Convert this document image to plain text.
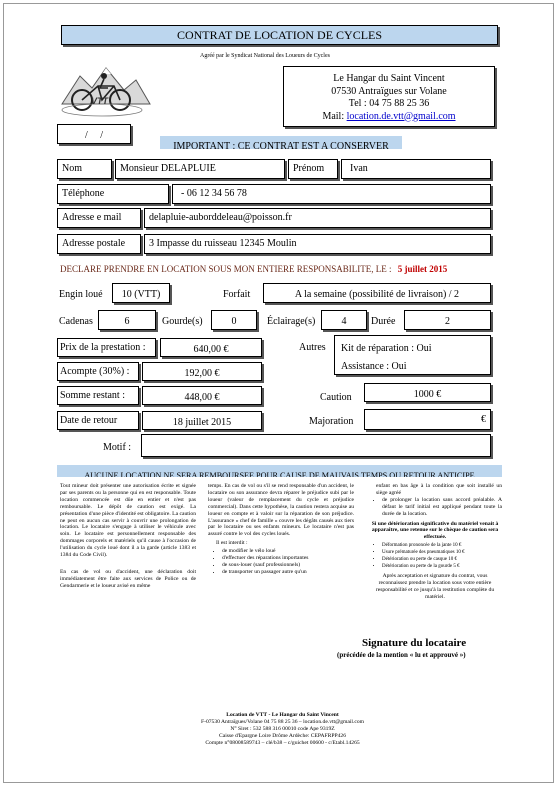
CONTRAT DE LOCATION DE CYCLES
Agréé par le Syndicat National des Loueurs de Cycles
VTT
Le Hangar du Saint Vincent
07530 Antraïgues sur Volane
Tel : 04 75 88 25 36
Mail: location.de.vtt@gmail.com
/     /
IMPORTANT : CE CONTRAT EST A CONSERVER
Nom	Monsieur DELAPLUIE	Prénom	Ivan
Téléphone	- 06 12 34 56 78
Adresse e mail	delapluie-auborddeleau@poisson.fr
Adresse postale 3 Impasse du ruisseau 12345 Moulin
DECLARE PRENDRE EN LOCATION SOUS MON ENTIERE RESPONSABILITE, LE : 5 juillet 2015
Engin loué	10 (VTT)	Forfait	A la semaine (possibilité de livraison) / 2
Cadenas	6	Gourde(s)	0	Éclairage(s)	4	Durée	2
Prix de la prestation :	640,00 €	Autres Kit de réparation : Oui
Assistance : Oui
Acompte (30%) :	192,00 €
Somme restant :	448,00 €	Caution	1000 €
Date de retour	18 juillet 2015	Majoration	€
Motif :
AUCUNE LOCATION NE SERA REMBOURSEE POUR CAUSE DE MAUVAIS TEMPS OU RETOUR ANTICIPE

Tout mineur doit présenter une autorisation écrite et signée par ses parents ou la personne qui en est responsable. Toute location commencée est dûe en entier et n'est pas remboursable. Le dépôt de caution est exigé. La présentation d'une pièce d'identité est obligatoire. La caution ne peut en aucun cas servir à couvrir une prolongation de location. Le locataire s'engage à utiliser le véhicule avec soin. Le locataire est personnellement responsable des dommages corporels et matériels qu'il cause à l'occasion de l'utilisation du cycle loué dont il a la garde (article 1383 et 1384 du Code Civil).

En cas de vol ou d'accident, une déclaration doit immédiatement être faite aux services de Police ou de Gendarmerie et le loueur avisé en même

temps. En cas de vol ou s'il se rend responsable d'un accident, le locataire ou son assurance devra réparer le préjudice subi par le loueur (valeur de remplacement du cycle et préjudice commercial). Dans cette hypothèse, la caution restera acquise au loueur en compte et à valoir sur la réparation de son préjudice. L'assurance « chef de famille » couvre les dégâts causés aux tiers par le locataire ou ses enfants mineurs. Le locataire n'est pas assuré contre le vol des cycles loués.

Il est interdit :

• de modifier le vélo loué
• d'effectuer des réparations importantes
• de sous-louer (sauf professionnels)
• de transporter un passager autre qu'un

enfant en bas âge à la condition que soit installé un siège agréé

• de prolonger la location sans accord préalable. A défaut le tarif initial est appliqué pendant toute la durée de la location.

Si une détérioration significative du matériel venait à apparaître, une retenue sur le chèque de caution sera effectuée.

• Déformation prononcée de la jante 10 €
• Usure prématurée des pneumatiques 10 €
• Détérioration ou perte de casque 10 €
• Détérioration ou perte de la gourde 5 €

Après acceptation et signature du contrat, vous reconnaissez prendre la location sous votre entière responsabilité et ce jusqu'à la restitution complète du matériel.

Signature du locataire
(précédée de la mention « lu et approuvé »)
Location de VTT - Le Hangar du Saint Vincent
F-07530 Antraïgues/Volane 04 75 88 25 36 – location.de.vtt@gmail.com
N° Siret : 532 588 316 00010 code Ape 9319Z
Caisse d'Epargne Loire Drôme Ardèche: CEPAFRPP426
Compte n°08008589743 – clé/b38 – c/guichet 00600 - c/Etabl.14265
